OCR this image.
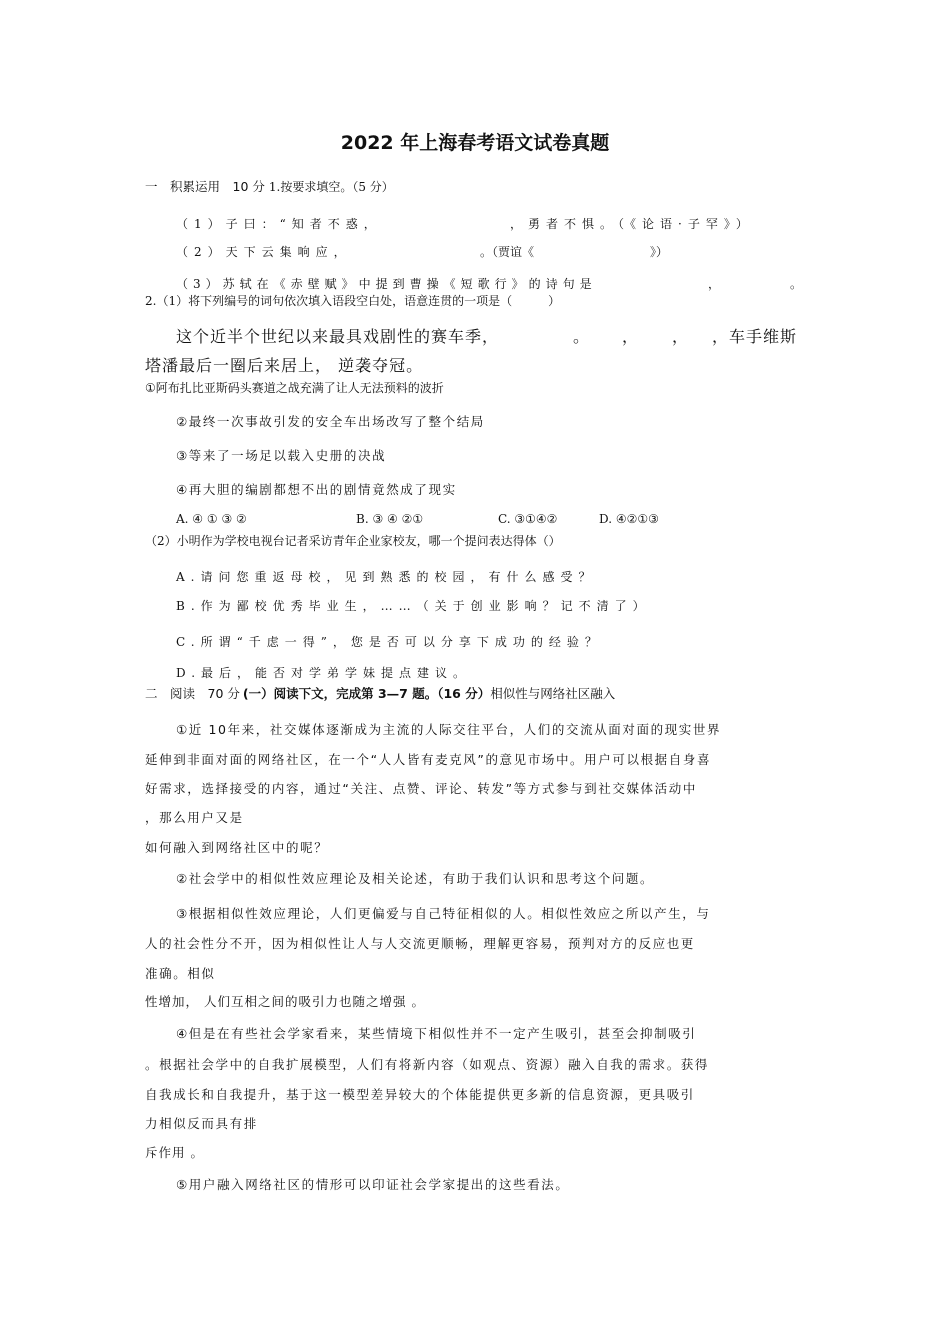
2022 年上海春考语文试卷真题
一　积累运用　10 分 1.按要求填空。（5 分）
（1）子曰：“知者不惑，	，勇者不惧。（《论语·子罕》）
（2）天下云集响应，	。（贾谊《	》）
（3）苏轼在《赤壁赋》中提到曹操《短歌行》的诗句是	，	。
2.（1）将下列编号的词句依次填入语段空白处，语意连贯的一项是（　　　）
这个近半个世纪以来最具戏剧性的赛车季，	。 ， ， ，车手维斯
塔潘最后一圈后来居上， 逆袭夺冠。
①阿布扎比亚斯码头赛道之战充满了让人无法预料的波折
②最终一次事故引发的安全车出场改写了整个结局
③等来了一场足以载入史册的决战
④再大胆的编剧都想不出的剧情竟然成了现实
A. ④ ① ③ ②	B. ③ ④ ②①	C. ③①④②	D. ④②①③
（2）小明作为学校电视台记者采访青年企业家校友，哪一个提问表达得体（）
A.请问您重返母校，见到熟悉的校园，有什么感受？
B.作为鄙校优秀毕业生，……（关于创业影响？记不清了）
C.所谓“千虑一得”，您是否可以分享下成功的经验？
D.最后，能否对学弟学妹提点建议。
二　阅读　70 分 (一）阅读下文，完成第 3—7 题。（16 分）相似性与网络社区融入
①近 10年来，社交媒体逐渐成为主流的人际交往平台，人们的交流从面对面的现实世界
延伸到非面对面的网络社区，在一个“人人皆有麦克风”的意见市场中。用户可以根据自身喜
好需求，选择接受的内容，通过“关注、点赞、评论、转发”等方式参与到社交媒体活动中
，那么用户又是
如何融入到网络社区中的呢？
②社会学中的相似性效应理论及相关论述，有助于我们认识和思考这个问题。
③根据相似性效应理论，人们更偏爱与自己特征相似的人。相似性效应之所以产生，与
人的社会性分不开，因为相似性让人与人交流更顺畅，理解更容易，预判对方的反应也更
准确。相似
性增加， 人们互相之间的吸引力也随之增强 。
④但是在有些社会学家看来，某些情境下相似性并不一定产生吸引，甚至会抑制吸引
。根据社会学中的自我扩展模型，人们有将新内容（如观点、资源）融入自我的需求。获得
自我成长和自我提升，基于这一模型差异较大的个体能提供更多新的信息资源，更具吸引
力相似反而具有排
斥作用 。
⑤用户融入网络社区的情形可以印证社会学家提出的这些看法。
